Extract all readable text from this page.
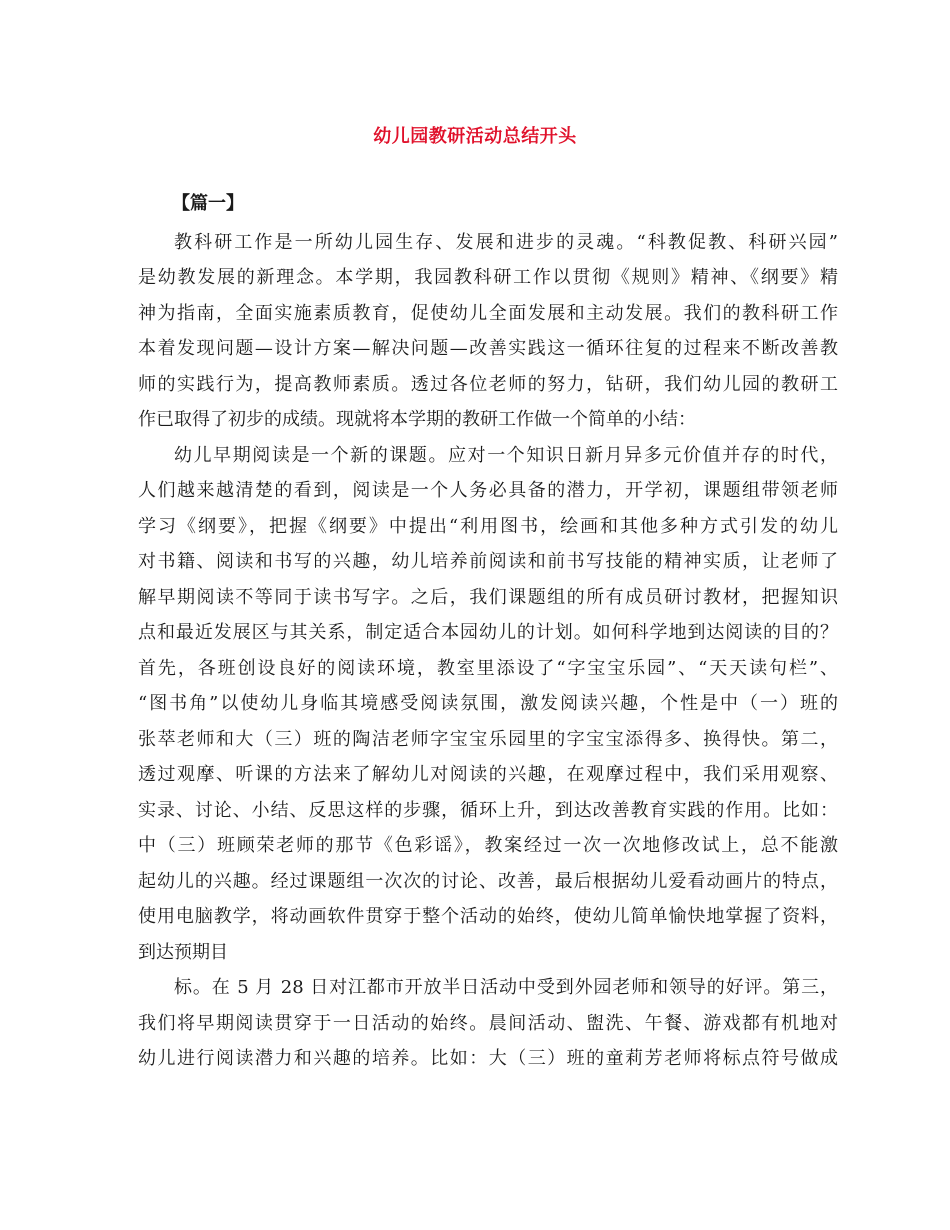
幼儿园教研活动总结开头
【篇一】
教科研工作是一所幼儿园生存、发展和进步的灵魂。“科教促教、科研兴园”
是幼教发展的新理念。本学期，我园教科研工作以贯彻《规则》精神、《纲要》精
神为指南，全面实施素质教育，促使幼儿全面发展和主动发展。我们的教科研工作
本着发现问题—设计方案—解决问题—改善实践这一循环往复的过程来不断改善教
师的实践行为，提高教师素质。透过各位老师的努力，钻研，我们幼儿园的教研工
作已取得了初步的成绩。现就将本学期的教研工作做一个简单的小结：
幼儿早期阅读是一个新的课题。应对一个知识日新月异多元价值并存的时代，
人们越来越清楚的看到，阅读是一个人务必具备的潜力，开学初，课题组带领老师
学习《纲要》，把握《纲要》中提出“利用图书，绘画和其他多种方式引发的幼儿
对书籍、阅读和书写的兴趣，幼儿培养前阅读和前书写技能的精神实质，让老师了
解早期阅读不等同于读书写字。之后，我们课题组的所有成员研讨教材，把握知识
点和最近发展区与其关系，制定适合本园幼儿的计划。如何科学地到达阅读的目的？
首先，各班创设良好的阅读环境，教室里添设了“字宝宝乐园”、“天天读句栏”、
“图书角”以使幼儿身临其境感受阅读氛围，激发阅读兴趣，个性是中（一）班的
张萃老师和大（三）班的陶洁老师字宝宝乐园里的字宝宝添得多、换得快。第二，
透过观摩、听课的方法来了解幼儿对阅读的兴趣，在观摩过程中，我们采用观察、
实录、讨论、小结、反思这样的步骤，循环上升，到达改善教育实践的作用。比如：
中（三）班顾荣老师的那节《色彩谣》，教案经过一次一次地修改试上，总不能激
起幼儿的兴趣。经过课题组一次次的讨论、改善，最后根据幼儿爱看动画片的特点，
使用电脑教学，将动画软件贯穿于整个活动的始终，使幼儿简单愉快地掌握了资料，
到达预期目
标。在 5 月 28 日对江都市开放半日活动中受到外园老师和领导的好评。第三，
我们将早期阅读贯穿于一日活动的始终。晨间活动、盥洗、午餐、游戏都有机地对
幼儿进行阅读潜力和兴趣的培养。比如：大（三）班的童莉芳老师将标点符号做成
